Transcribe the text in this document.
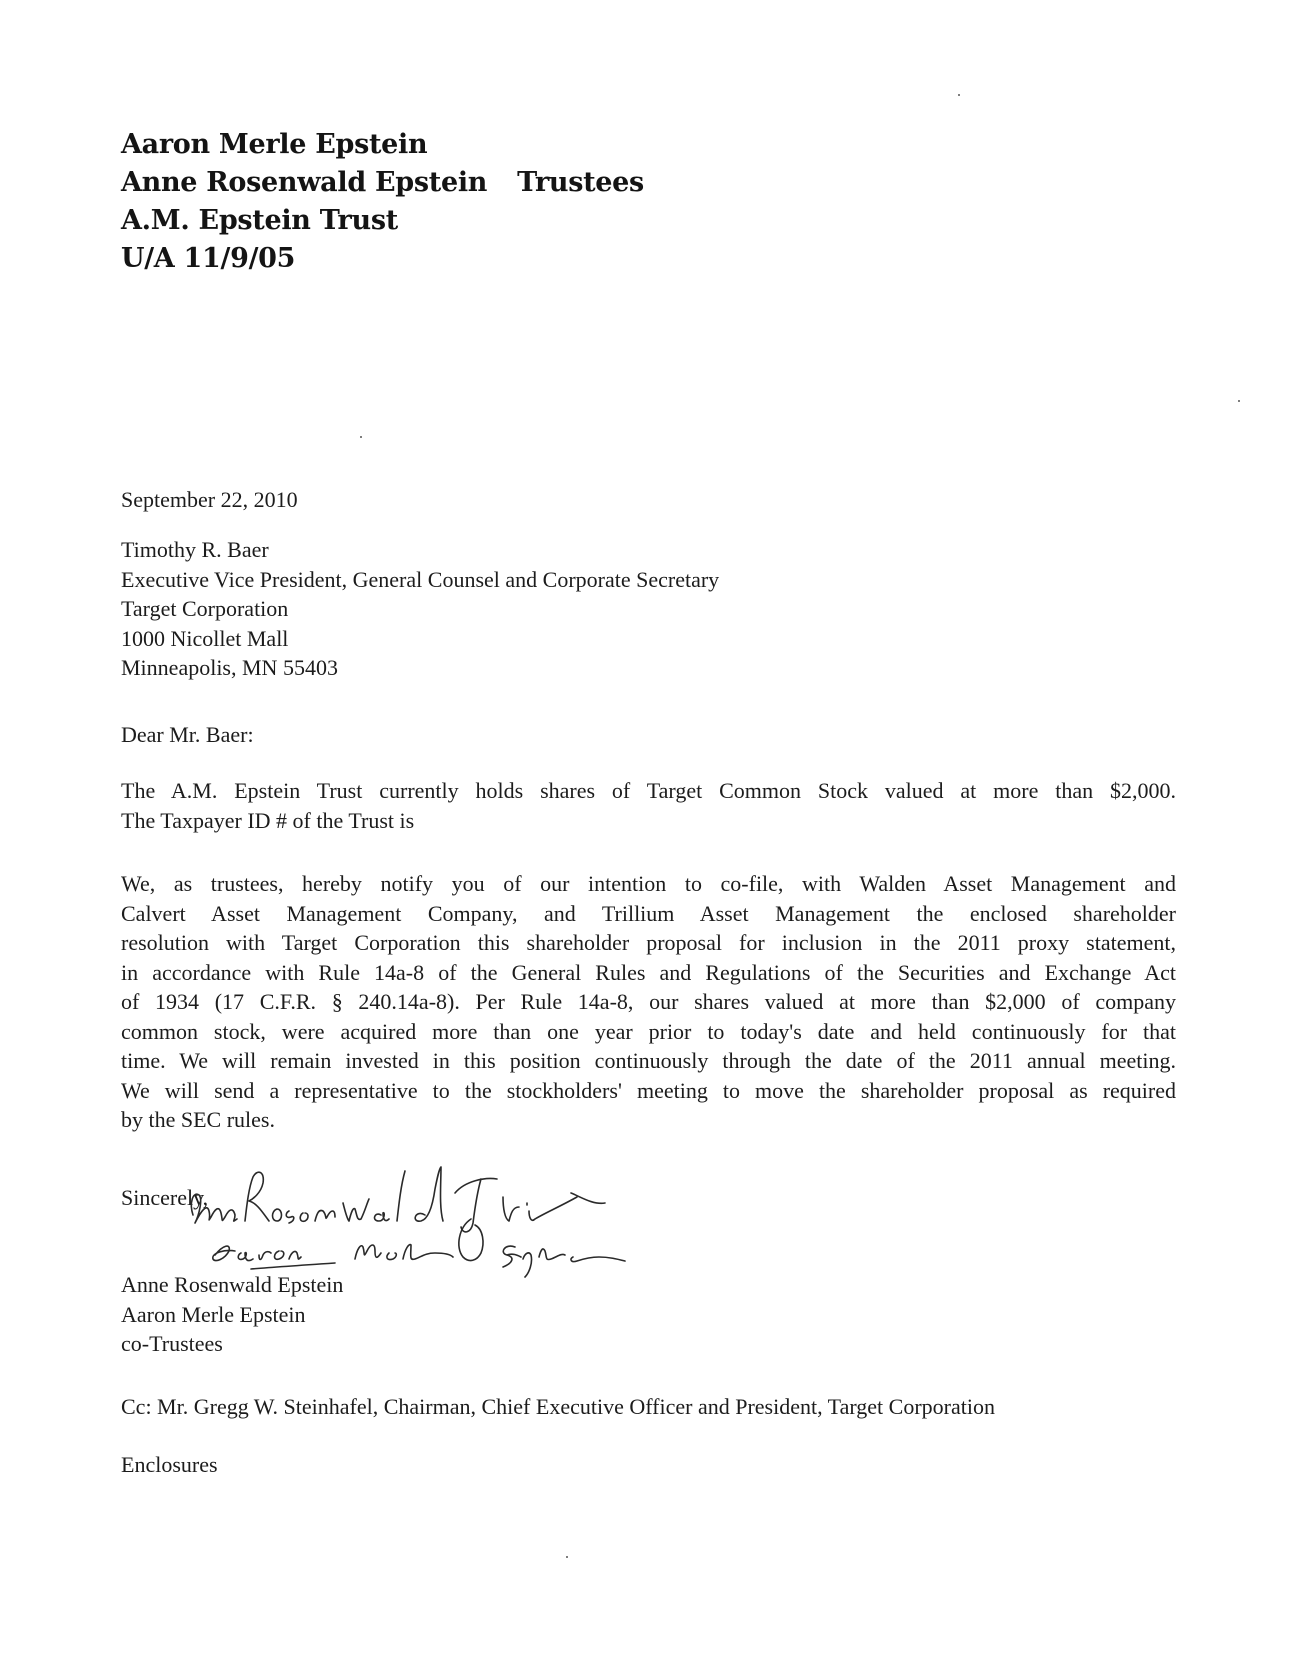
Aaron Merle Epstein
Anne Rosenwald Epstein Trustees
A.M. Epstein Trust
U/A 11/9/05
September 22, 2010
Timothy R. Baer
Executive Vice President, General Counsel and Corporate Secretary
Target Corporation
1000 Nicollet Mall
Minneapolis, MN 55403
Dear Mr. Baer:
The A.M. Epstein Trust currently holds shares of Target Common Stock valued at more than $2,000.
The Taxpayer ID # of the Trust is
We, as trustees, hereby notify you of our intention to co-file, with Walden Asset Management and
Calvert Asset Management Company, and Trillium Asset Management the enclosed shareholder
resolution with Target Corporation this shareholder proposal for inclusion in the 2011 proxy statement,
in accordance with Rule 14a-8 of the General Rules and Regulations of the Securities and Exchange Act
of 1934 (17 C.F.R. § 240.14a-8). Per Rule 14a-8, our shares valued at more than $2,000 of company
common stock, were acquired more than one year prior to today's date and held continuously for that
time. We will remain invested in this position continuously through the date of the 2011 annual meeting.
We will send a representative to the stockholders' meeting to move the shareholder proposal as required
by the SEC rules.
Sincerely,
Anne Rosenwald Epstein
Aaron Merle Epstein
co-Trustees
Cc: Mr. Gregg W. Steinhafel, Chairman, Chief Executive Officer and President, Target Corporation
Enclosures
